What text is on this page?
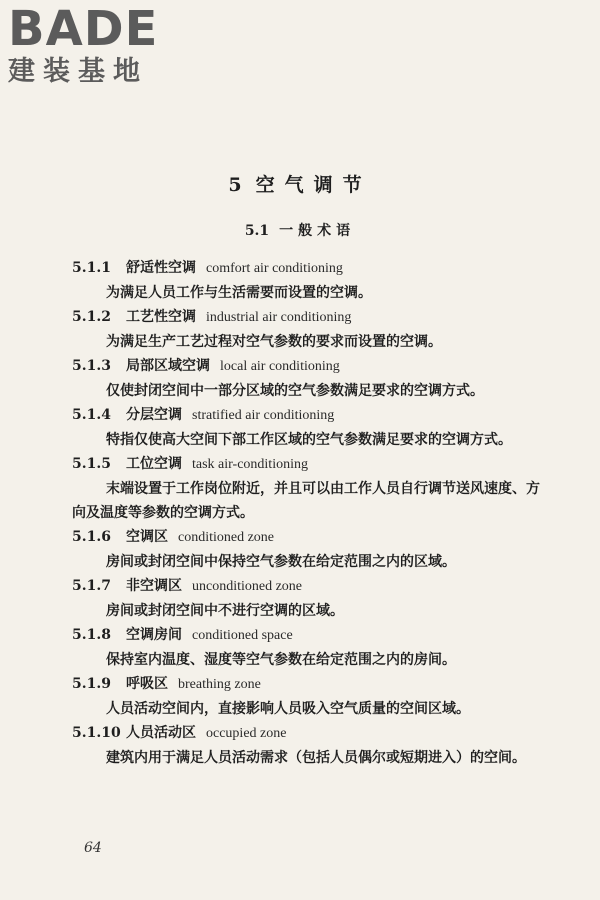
BADE
建装基地
5 空气调节
5.1 一般术语
5.1.1 舒适性空调 comfort air conditioning
为满足人员工作与生活需要而设置的空调。
5.1.2 工艺性空调 industrial air conditioning
为满足生产工艺过程对空气参数的要求而设置的空调。
5.1.3 局部区域空调 local air conditioning
仅使封闭空间中一部分区域的空气参数满足要求的空调方式。
5.1.4 分层空调 stratified air conditioning
特指仅使高大空间下部工作区域的空气参数满足要求的空调方式。
5.1.5 工位空调 task air-conditioning
末端设置于工作岗位附近，并且可以由工作人员自行调节送风速度、方向及温度等参数的空调方式。
5.1.6 空调区 conditioned zone
房间或封闭空间中保持空气参数在给定范围之内的区域。
5.1.7 非空调区 unconditioned zone
房间或封闭空间中不进行空调的区域。
5.1.8 空调房间 conditioned space
保持室内温度、湿度等空气参数在给定范围之内的房间。
5.1.9 呼吸区 breathing zone
人员活动空间内，直接影响人员吸入空气质量的空间区域。
5.1.10 人员活动区 occupied zone
建筑内用于满足人员活动需求（包括人员偶尔或短期进入）的空间。
64
